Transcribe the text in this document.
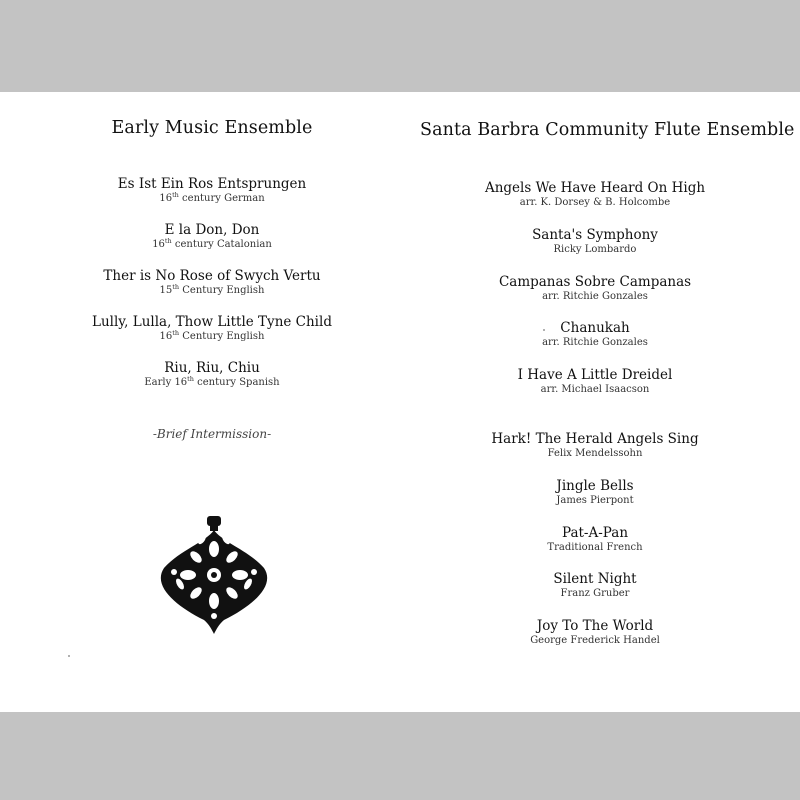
Early Music Ensemble
Es Ist Ein Ros Entsprungen
16th century German
E la Don, Don
16th century Catalonian
Ther is No Rose of Swych Vertu
15th Century English
Lully, Lulla, Thow Little Tyne Child
16th Century English
Riu, Riu, Chiu
Early 16th century Spanish
-Brief Intermission-
Santa Barbra Community Flute Ensemble
Angels We Have Heard On High
arr. K. Dorsey & B. Holcombe
Santa's Symphony
Ricky Lombardo
Campanas Sobre Campanas
arr. Ritchie Gonzales
Chanukah
arr. Ritchie Gonzales
I Have A Little Dreidel
arr. Michael Isaacson
Hark! The Herald Angels Sing
Felix Mendelssohn
Jingle Bells
James Pierpont
Pat-A-Pan
Traditional French
Silent Night
Franz Gruber
Joy To The World
George Frederick Handel
